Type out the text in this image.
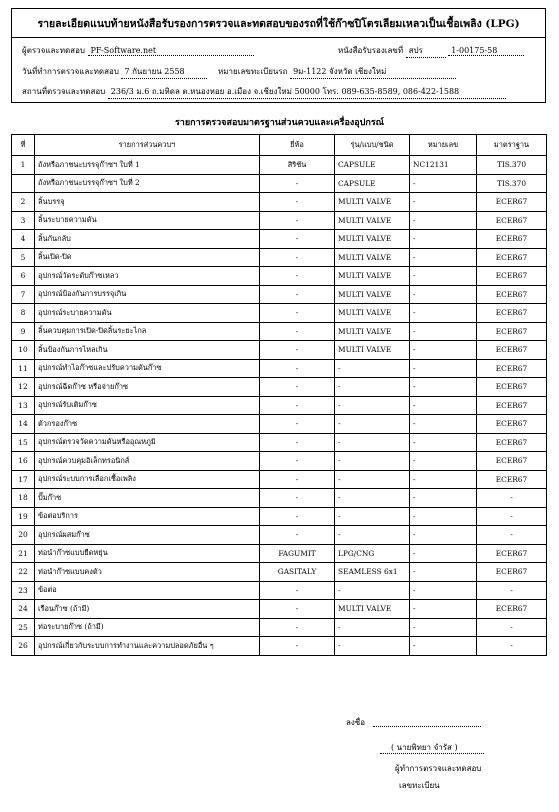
รายละเอียดแนบท้ายหนังสือรับรองการตรวจและทดสอบของรถที่ใช้ก๊าซปิโตรเลียมเหลวเป็นเชื้อเพลิง (LPG)
ผู้ตรวจและทดสอบ PF-Software.net	หนังสือรับรองเลขที่ สปร	1-00175-58
วันที่ทำการตรวจและทดสอบ 7 กันยายน 2558	หมายเลขทะเบียนรถ 9ม-1122 จังหวัด เชียงใหม่
สถานที่ตรวจและทดสอบ 236/3 ม.6 ถ.มหิดล ต.หนองหอย อ.เมือง จ.เชียงใหม่ 50000 โทร. 089-635-8589, 086-422-1588
รายการตรวจสอบมาตรฐานส่วนควบและเครื่องอุปกรณ์
ที่	รายการส่วนควบฯ	ยี่ห้อ	รุ่น/แบบ/ชนิด	หมายเลข	มาตราฐาน
1	ถังหรือภาชนะบรรจุก๊าซฯ ใบที่ 1	สิริชัน	CAPSULE	NC12131	TIS.370
	ถังหรือภาชนะบรรจุก๊าซฯ ใบที่ 2	-	CAPSULE	-	TIS.370
2	ลิ้นบรรจุ	-	MULTI VALVE	-	ECER67
3	ลิ้นระบายความดัน	-	MULTI VALVE	-	ECER67
4	ลิ้นกันกลับ	-	MULTI VALVE	-	ECER67
5	ลิ้นเปิด-ปิด	-	MULTI VALVE	-	ECER67
6	อุปกรณ์วัดระดับก๊าซเหลว	-	MULTI VALVE	-	ECER67
7	อุปกรณ์ป้องกันการบรรจุเกิน	-	MULTI VALVE	-	ECER67
8	อุปกรณ์ระบายความดัน	-	MULTI VALVE	-	ECER67
9	ลิ้นควบคุมการเปิด-ปิดลิ้นระยะไกล	-	MULTI VALVE	-	ECER67
10	ลิ้นป้องกันการไหลเกิน	-	MULTI VALVE	-	ECER67
11	อุปกรณ์ทำไอก๊าซและปรับความดันก๊าซ	-	-	-	ECER67
12	อุปกรณ์ฉีดก๊าซ หรือจ่ายก๊าซ	-	-	-	ECER67
13	อุปกรณ์รับเติมก๊าซ	-	-	-	ECER67
14	ตัวกรองก๊าซ	-	-	-	ECER67
15	อุปกรณ์ตรวจวัดความดันหรืออุณหภูมิ	-	-	-	ECER67
16	อุปกรณ์ควบคุมอิเล็กทรอนิกส์	-	-	-	ECER67
17	อุปกรณ์ระบบการเลือกเชื้อเพลิง	-	-	-	ECER67
18	ปั๊มก๊าซ	-	-	-	-
19	ข้อต่อบริการ	-	-	-	-
20	อุปกรณ์ผสมก๊าซ	-	-	-	-
21	ท่อนำก๊าซแบบยืดหยุ่น	FAGUMIT	LPG/CNG	-	ECER67
22	ท่อนำก๊าซแบบคงตัว	GASITALY	SEAMLESS 6x1	-	ECER67
23	ข้อต่อ	-	-	-	-
24	เรือนก๊าซ (ถ้ามี)	-	MULTI VALVE	-	ECER67
25	ท่อระบายก๊าซ (ถ้ามี)	-	-	-	-
26	อุปกรณ์เกี่ยวกับระบบการทำงานและความปลอดภัยอื่น ๆ	-	-	-	-
ลงชื่อ
( นายพิทยา จำรัส )
ผู้ทำการตรวจและทดสอบ
เลขทะเบียน
